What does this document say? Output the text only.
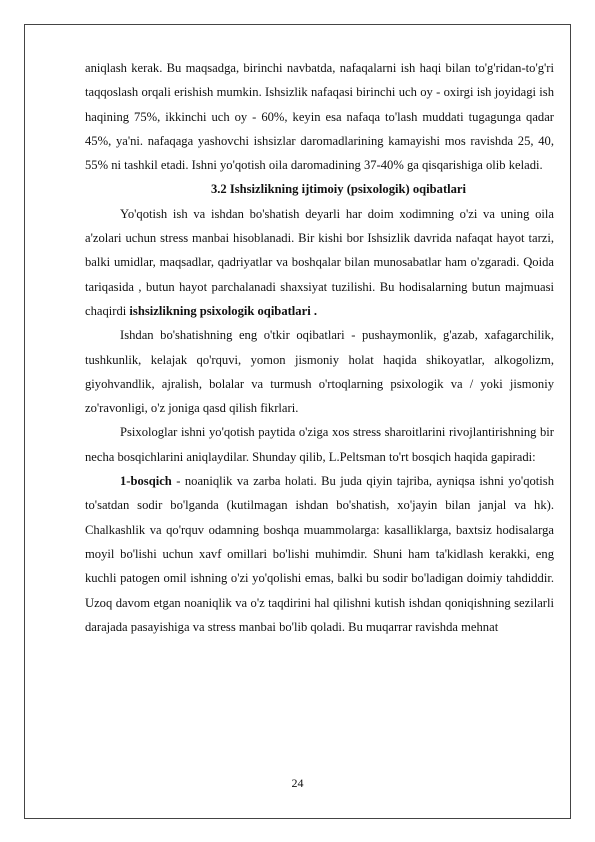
aniqlash kerak. Bu maqsadga, birinchi navbatda, nafaqalarni ish haqi bilan to'g'ridan-to'g'ri taqqoslash orqali erishish mumkin. Ishsizlik nafaqasi birinchi uch oy - oxirgi ish joyidagi ish haqining 75%, ikkinchi uch oy - 60%, keyin esa nafaqa to'lash muddati tugagunga qadar 45%, ya'ni. nafaqaga yashovchi ishsizlar daromadlarining kamayishi mos ravishda 25, 40, 55% ni tashkil etadi. Ishni yo'qotish oila daromadining 37-40% ga qisqarishiga olib keladi.

3.2 Ishsizlikning ijtimoiy (psixologik) oqibatlari

Yo'qotish ish va ishdan bo'shatish deyarli har doim xodimning o'zi va uning oila a'zolari uchun stress manbai hisoblanadi. Bir kishi bor Ishsizlik davrida nafaqat hayot tarzi, balki umidlar, maqsadlar, qadriyatlar va boshqalar bilan munosabatlar ham o'zgaradi. Qoida tariqasida , butun hayot parchalanadi shaxsiyat tuzilishi. Bu hodisalarning butun majmuasi chaqirdi ishsizlikning psixologik oqibatlari .

Ishdan bo'shatishning eng o'tkir oqibatlari - pushaymonlik, g'azab, xafagarchilik, tushkunlik, kelajak qo'rquvi, yomon jismoniy holat haqida shikoyatlar, alkogolizm, giyohvandlik, ajralish, bolalar va turmush o'rtoqlarning psixologik va / yoki jismoniy zo'ravonligi, o'z joniga qasd qilish fikrlari.

Psixologlar ishni yo'qotish paytida o'ziga xos stress sharoitlarini rivojlantirishning bir necha bosqichlarini aniqlaydilar. Shunday qilib, L.Peltsman to'rt bosqich haqida gapiradi:

1-bosqich - noaniqlik va zarba holati. Bu juda qiyin tajriba, ayniqsa ishni yo'qotish to'satdan sodir bo'lganda (kutilmagan ishdan bo'shatish, xo'jayin bilan janjal va hk). Chalkashlik va qo'rquv odamning boshqa muammolarga: kasalliklarga, baxtsiz hodisalarga moyil bo'lishi uchun xavf omillari bo'lishi muhimdir. Shuni ham ta'kidlash kerakki, eng kuchli patogen omil ishning o'zi yo'qolishi emas, balki bu sodir bo'ladigan doimiy tahdiddir. Uzoq davom etgan noaniqlik va o'z taqdirini hal qilishni kutish ishdan qoniqishning sezilarli darajada pasayishiga va stress manbai bo'lib qoladi. Bu muqarrar ravishda mehnat

24
